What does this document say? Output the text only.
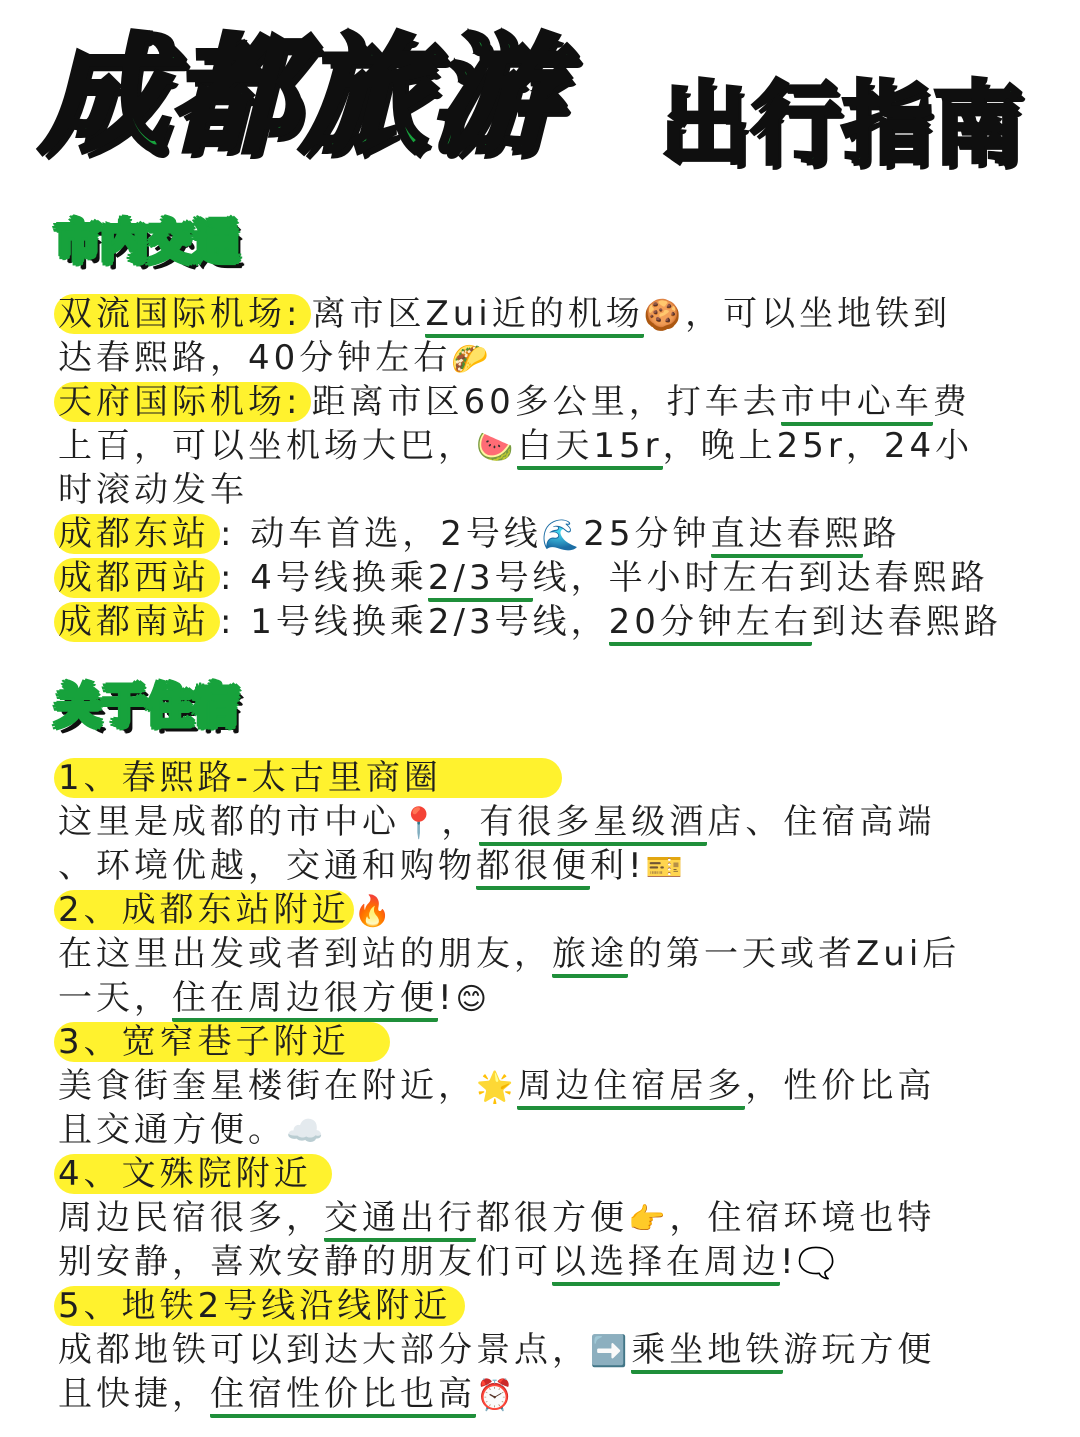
成都旅游 出行指南
市内交通
双流国际机场: 离市区Zui近的机场🍪，可以坐地铁到
达春熙路，40分钟左右🌮
天府国际机场: 距离市区60多公里，打车去市中心车费
上百，可以坐机场大巴，🍉白天15r，晚上25r，24小
时滚动发车
成都东站 : 动车首选，2号线🌊25分钟直达春熙路
成都西站 : 4号线换乘2/3号线，半小时左右到达春熙路
成都南站 : 1号线换乘2/3号线，20分钟左右到达春熙路
关于住宿
1、春熙路-太古里商圈
这里是成都的市中心📍，有很多星级酒店、住宿高端
、环境优越，交通和购物都很便利!🎫
2、成都东站附近 🔥
在这里出发或者到站的朋友，旅途的第一天或者Zui后
一天，住在周边很方便!😊
3、宽窄巷子附近
美食街奎星楼街在附近，🌟周边住宿居多，性价比高
且交通方便。☁️
4、文殊院附近
周边民宿很多，交通出行都很方便👉，住宿环境也特
别安静，喜欢安静的朋友们可以选择在周边!🗨️
5、地铁2号线沿线附近
成都地铁可以到达大部分景点，➡️乘坐地铁游玩方便
且快捷，住宿性价比也高⏰
